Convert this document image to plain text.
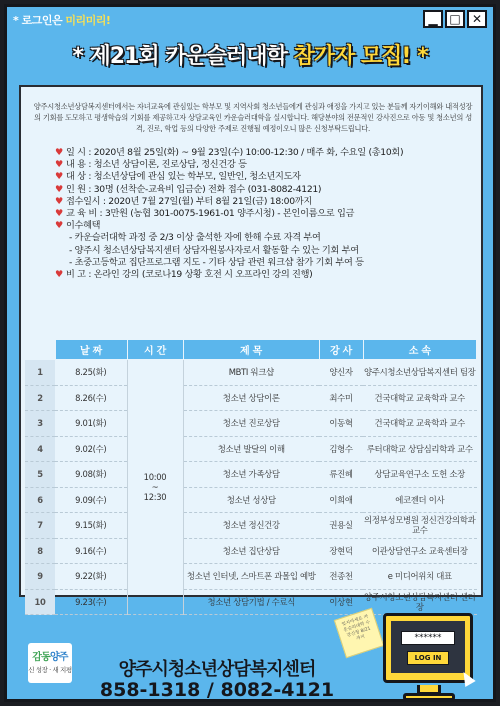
* 로그인은 미리미리!	▁ □ ✕
* 제21회 카운슬러대학 참가자 모집! *

양주시청소년상담복지센터에서는 자녀교육에 관심있는 학부모 및 지역사회 청소년들에게 관심과 애정을 가지고 있는 분들께 자기이해와 내적성장의 기회를 도모하고 평생학습의 기회를 제공하고자 상담교육인 카운슬러대학을 실시합니다. 해당분야의 전문적인 강사진으로 아동 및 청소년의 성격, 진로, 학업 등의 다양한 주제로 진행될 예정이오니 많은 신청부탁드립니다.

♥ 일 시 : 2020년 8월 25일(화) ~ 9월 23일(수) 10:00-12:30 / 매주 화, 수요일 (총10회)
♥ 내 용 : 청소년 상담이론, 진로상담, 정신건강 등
♥ 대 상 : 청소년상담에 관심 있는 학부모, 일반인, 청소년지도자
♥ 인 원 : 30명 (선착순-교육비 입금순) 전화 접수 (031-8082-4121)
♥ 접수일시 : 2020년 7월 27일(월) 부터 8월 21일(금) 18:00까지
♥ 교 육 비 : 3만원 (농협 301-0075-1961-01 양주시청) - 본인이름으로 입금
♥ 이수혜택
- 카운슬러대학 과정 중 2/3 이상 출석한 자에 한해 수료 자격 부여
- 양주시 청소년상담복지센터 상담자원봉사자로서 활동할 수 있는 기회 부여
- 초중고등학교 집단프로그램 지도 - 기타 상담 관련 워크샵 참가 기회 부여 등
♥ 비 고 : 온라인 강의 (코로나19 상황 호전 시 오프라인 강의 진행)
	날 짜	시 간	제 목	강 사	소 속
1	8.25(화)	10:00
~
12:30	MBTI 워크샵	양신자	양주시청소년상담복지센터 팀장
2	8.26(수)		청소년 상담이론	최수미	건국대학교 교육학과 교수
3	9.01(화)		청소년 진로상담	이동혁	건국대학교 교육학과 교수
4	9.02(수)		청소년 발달의 이해	김형수	루터대학교 상담심리학과 교수
5	9.08(화)		청소년 가족상담	류진혜	상담교육연구소 도헌 소장
6	9.09(수)		청소년 성상담	이희애	에코젠더 이사
7	9.15(화)		청소년 정신건강	권용실	의정부성모병원 정신건강의학과 교수
8	9.16(수)		청소년 집단상담	장현덕	이관상담연구소 교육센터장
9	9.22(화)		청소년 인터넷, 스마트폰 과몰입 예방	전종천	e 미디어위치 대표
10	9.23(수)		청소년 상담기법 / 수료식	이상현	양주시청소년상담복지센터 센터장
감동양주
신 성장 · 새 지평	양주시청소년상담복지센터
858-1318 / 8082-4121
잊지마세요 카운슬러대학 수강신청 8/21 까지	******
LOG IN
